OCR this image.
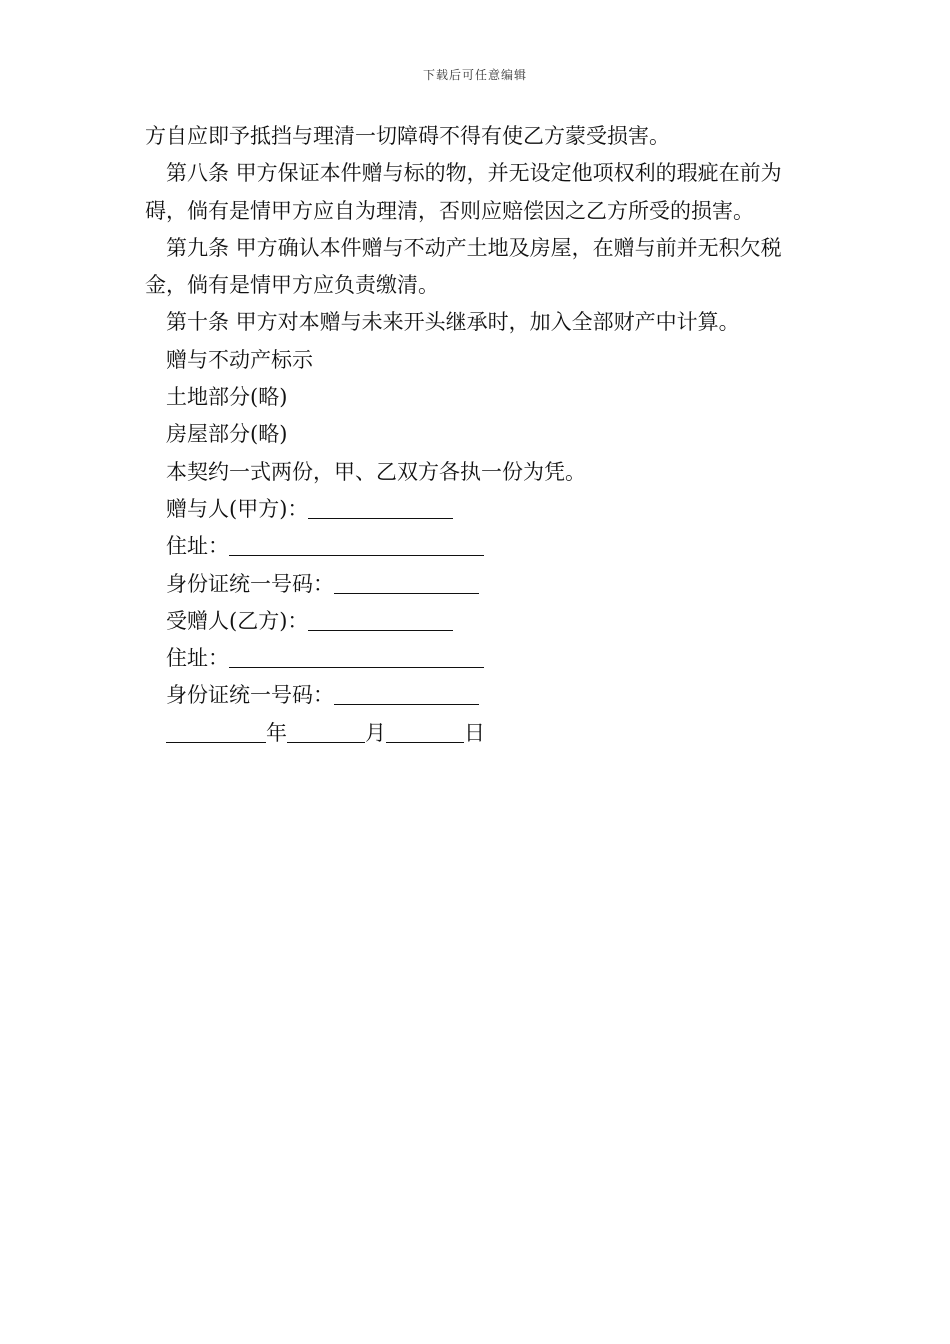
下载后可任意编辑

方自应即予抵挡与理清一切障碍不得有使乙方蒙受损害。

第八条 甲方保证本件赠与标的物，并无设定他项权利的瑕疵在前为碍，倘有是情甲方应自为理清，否则应赔偿因之乙方所受的损害。

第九条 甲方确认本件赠与不动产土地及房屋，在赠与前并无积欠税金，倘有是情甲方应负责缴清。

第十条 甲方对本赠与未来开头继承时，加入全部财产中计算。

赠与不动产标示

土地部分(略)

房屋部分(略)

本契约一式两份，甲、乙双方各执一份为凭。

赠与人(甲方)：

住址：

身份证统一号码：

受赠人(乙方)：

住址：

身份证统一号码：

年	月	日
